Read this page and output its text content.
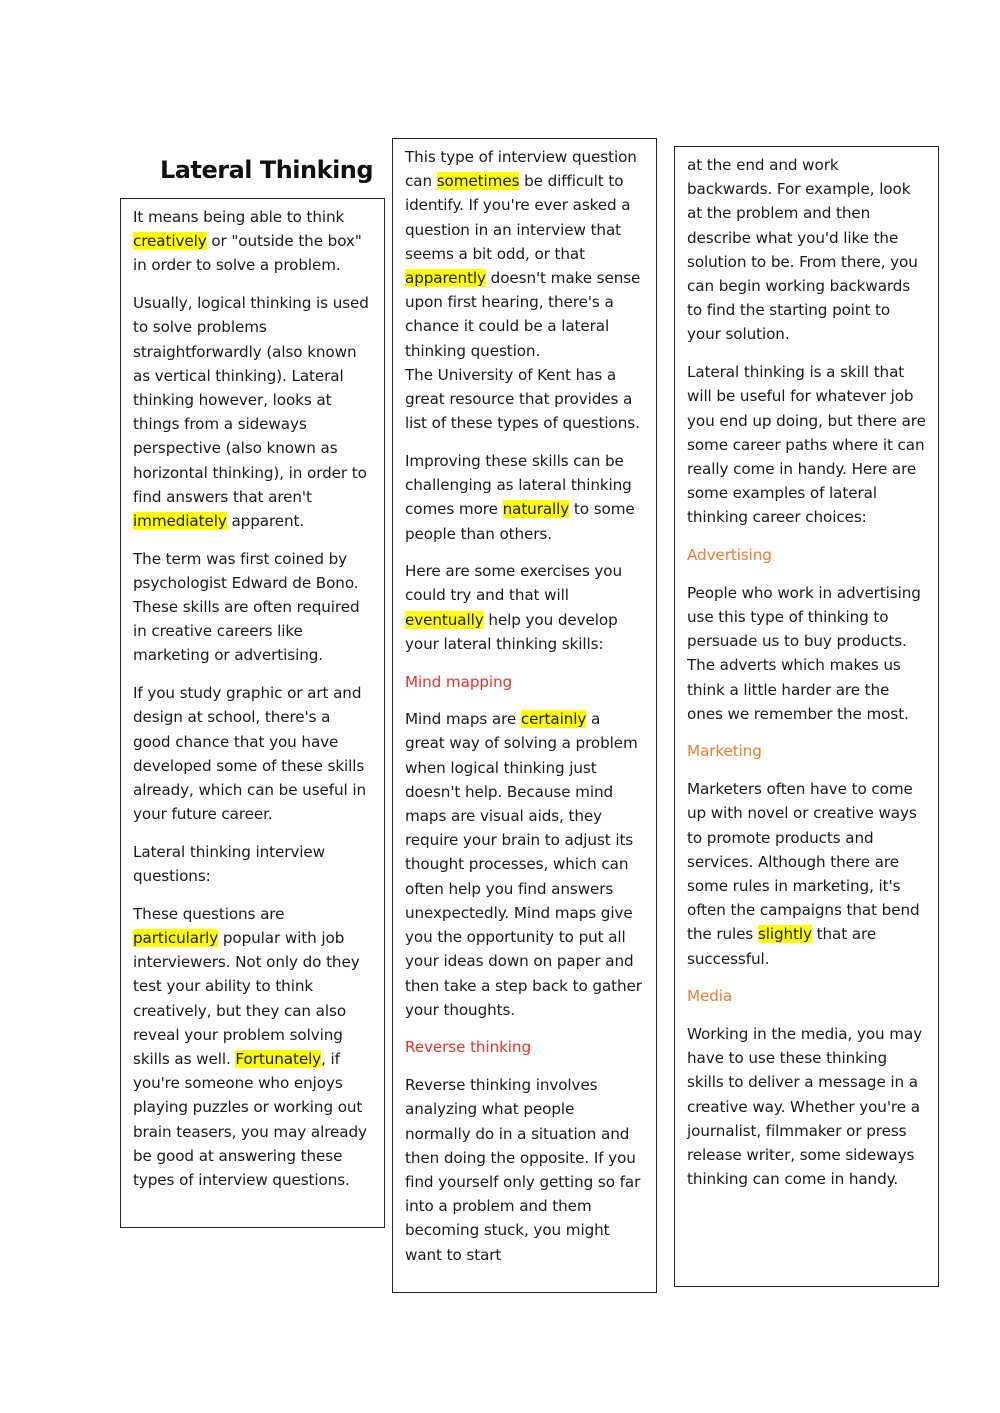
Lateral Thinking

It means being able to think creatively or "outside the box" in order to solve a problem.

Usually, logical thinking is used to solve problems straightforwardly (also known as vertical thinking). Lateral thinking however, looks at things from a sideways perspective (also known as horizontal thinking), in order to find answers that aren't immediately apparent.

The term was first coined by psychologist Edward de Bono. These skills are often required in creative careers like marketing or advertising.

If you study graphic or art and design at school, there's a good chance that you have developed some of these skills already, which can be useful in your future career.

Lateral thinking interview questions:

These questions are particularly popular with job interviewers. Not only do they test your ability to think creatively, but they can also reveal your problem solving skills as well. Fortunately, if you're someone who enjoys playing puzzles or working out brain teasers, you may already be good at answering these types of interview questions.

This type of interview question can sometimes be difficult to identify. If you're ever asked a question in an interview that seems a bit odd, or that apparently doesn't make sense upon first hearing, there's a chance it could be a lateral thinking question.

The University of Kent has a great resource that provides a list of these types of questions.

Improving these skills can be challenging as lateral thinking comes more naturally to some people than others.

Here are some exercises you could try and that will eventually help you develop your lateral thinking skills:

Mind mapping

Mind maps are certainly a great way of solving a problem when logical thinking just doesn't help. Because mind maps are visual aids, they require your brain to adjust its thought processes, which can often help you find answers unexpectedly. Mind maps give you the opportunity to put all your ideas down on paper and then take a step back to gather your thoughts.

Reverse thinking

Reverse thinking involves analyzing what people normally do in a situation and then doing the opposite. If you find yourself only getting so far into a problem and them becoming stuck, you might want to start

at the end and work backwards. For example, look at the problem and then describe what you'd like the solution to be. From there, you can begin working backwards to find the starting point to your solution.

Lateral thinking is a skill that will be useful for whatever job you end up doing, but there are some career paths where it can really come in handy. Here are some examples of lateral thinking career choices:

Advertising

People who work in advertising use this type of thinking to persuade us to buy products. The adverts which makes us think a little harder are the ones we remember the most.

Marketing

Marketers often have to come up with novel or creative ways to promote products and services. Although there are some rules in marketing, it's often the campaigns that bend the rules slightly that are successful.

Media

Working in the media, you may have to use these thinking skills to deliver a message in a creative way. Whether you're a journalist, filmmaker or press release writer, some sideways thinking can come in handy.
